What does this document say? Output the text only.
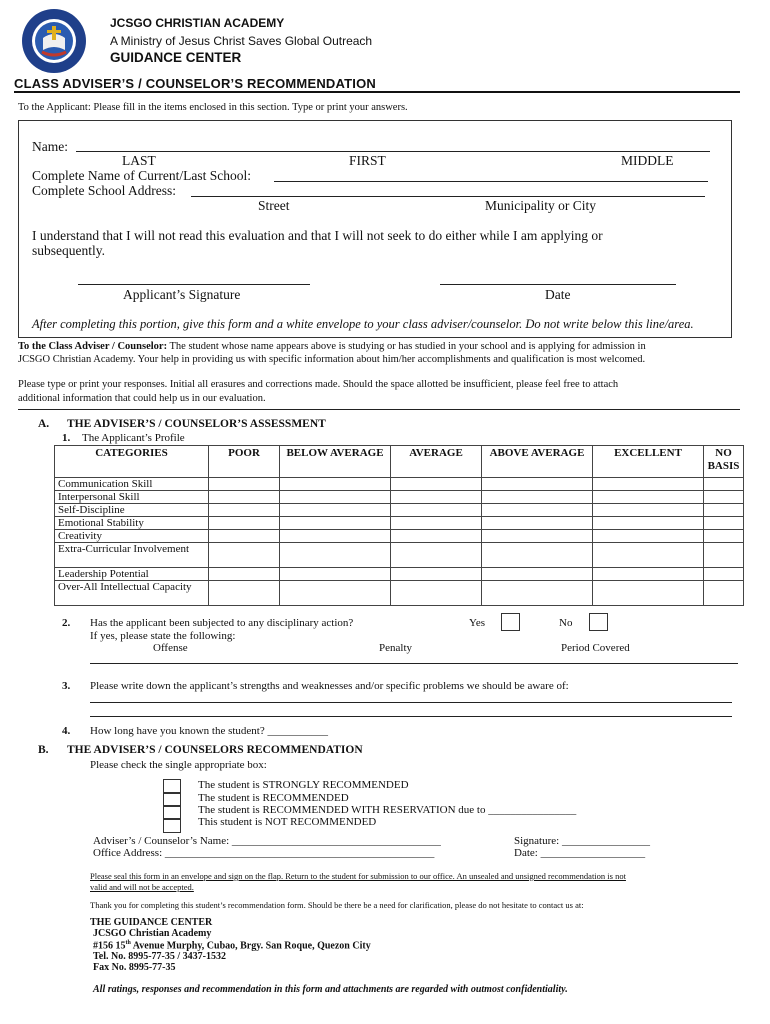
JCSGO CHRISTIAN ACADEMY
A Ministry of Jesus Christ Saves Global Outreach
GUIDANCE CENTER
CLASS ADVISER’S / COUNSELOR’S RECOMMENDATION
To the Applicant: Please fill in the items enclosed in this section. Type or print your answers.
Name:
LAST	FIRST	MIDDLE
Complete Name of Current/Last School:
Complete School Address:
Street	Municipality or City
I understand that I will not read this evaluation and that I will not seek to do either while I am applying or
subsequently.
Applicant’s Signature	Date
After completing this portion, give this form and a white envelope to your class adviser/counselor. Do not write below this line/area.
To the Class Adviser / Counselor: The student whose name appears above is studying or has studied in your school and is applying for admission in
JCSGO Christian Academy. Your help in providing us with specific information about him/her accomplishments and qualification is most welcomed.
Please type or print your responses. Initial all erasures and corrections made. Should the space allotted be insufficient, please feel free to attach
additional information that could help us in our evaluation.
A. THE ADVISER’S / COUNSELOR’S ASSESSMENT
1. The Applicant’s Profile
CATEGORIES	POOR	BELOW AVERAGE	AVERAGE	ABOVE AVERAGE	EXCELLENT	NO BASIS
Communication Skill						
Interpersonal Skill						
Self-Discipline						
Emotional Stability						
Creativity						
Extra-Curricular Involvement						
Leadership Potential						
Over-All Intellectual Capacity						
2. Has the applicant been subjected to any disciplinary action?	Yes	No
If yes, please state the following:
Offense	Penalty	Period Covered
3. Please write down the applicant’s strengths and weaknesses and/or specific problems we should be aware of:
4. How long have you known the student? ___________
B. THE ADVISER’S / COUNSELORS RECOMMENDATION
Please check the single appropriate box:
The student is STRONGLY RECOMMENDED
The student is RECOMMENDED
The student is RECOMMENDED WITH RESERVATION due to ________________
This student is NOT RECOMMENDED
Adviser’s / Counselor’s Name: ______________________________________
Office Address: _________________________________________________
Signature: ________________
Date: ___________________
Please seal this form in an envelope and sign on the flap. Return to the student for submission to our office. An unsealed and unsigned recommendation is not
valid and will not be accepted.
Thank you for completing this student’s recommendation form. Should be there be a need for clarification, please do not hesitate to contact us at:
THE GUIDANCE CENTER
JCSGO Christian Academy
#156 15th Avenue Murphy, Cubao, Brgy. San Roque, Quezon City
Tel. No. 8995-77-35 / 3437-1532
Fax No. 8995-77-35
All ratings, responses and recommendation in this form and attachments are regarded with outmost confidentiality.
